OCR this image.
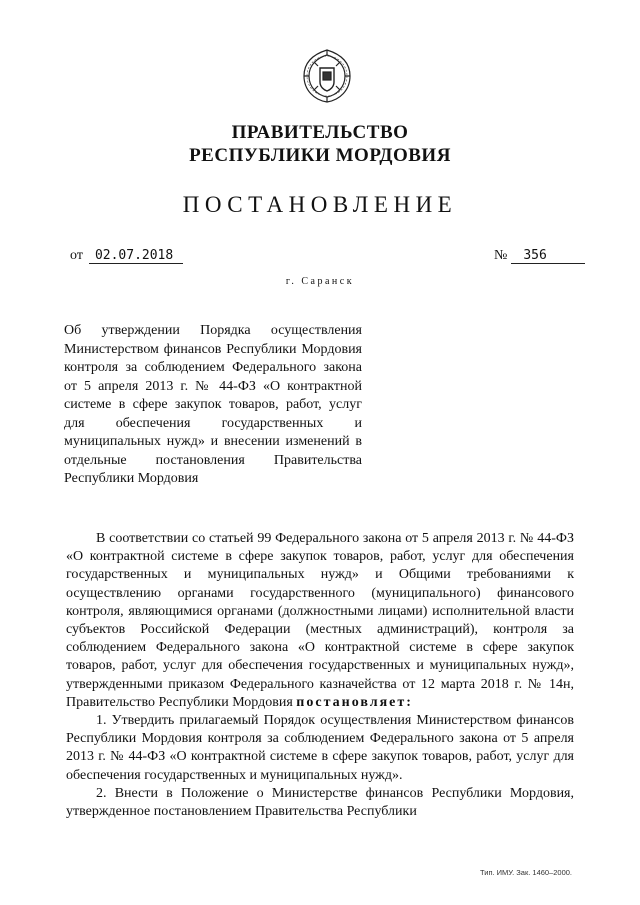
ПРАВИТЕЛЬСТВО
РЕСПУБЛИКИ МОРДОВИЯ
ПОСТАНОВЛЕНИЕ
от 02.07.2018	№ 356
г. Саранск
Об утверждении Порядка осуществления Министерством финансов Республики Мордовия контроля за соблюдением Федерального закона от 5 апреля 2013 г. № 44-ФЗ «О контрактной системе в сфере закупок товаров, работ, услуг для обеспечения государственных и муниципальных нужд» и внесении изменений в отдельные постановления Правительства Республики Мордовия

В соответствии со статьей 99 Федерального закона от 5 апреля 2013 г. № 44-ФЗ «О контрактной системе в сфере закупок товаров, работ, услуг для обеспечения государственных и муниципальных нужд» и Общими требованиями к осуществлению органами государственного (муниципального) финансового контроля, являющимися органами (должностными лицами) исполнительной власти субъектов Российской Федерации (местных администраций), контроля за соблюдением Федерального закона «О контрактной системе в сфере закупок товаров, работ, услуг для обеспечения государственных и муниципальных нужд», утвержденными приказом Федерального казначейства от 12 марта 2018 г. № 14н, Правительство Республики Мордовия постановляет:

1. Утвердить прилагаемый Порядок осуществления Министерством финансов Республики Мордовия контроля за соблюдением Федерального закона от 5 апреля 2013 г. № 44-ФЗ «О контрактной системе в сфере закупок товаров, работ, услуг для обеспечения государственных и муниципальных нужд».

2. Внести в Положение о Министерстве финансов Республики Мордовия, утвержденное постановлением Правительства Республики

Тип. ИМУ. Зак. 1460–2000.
